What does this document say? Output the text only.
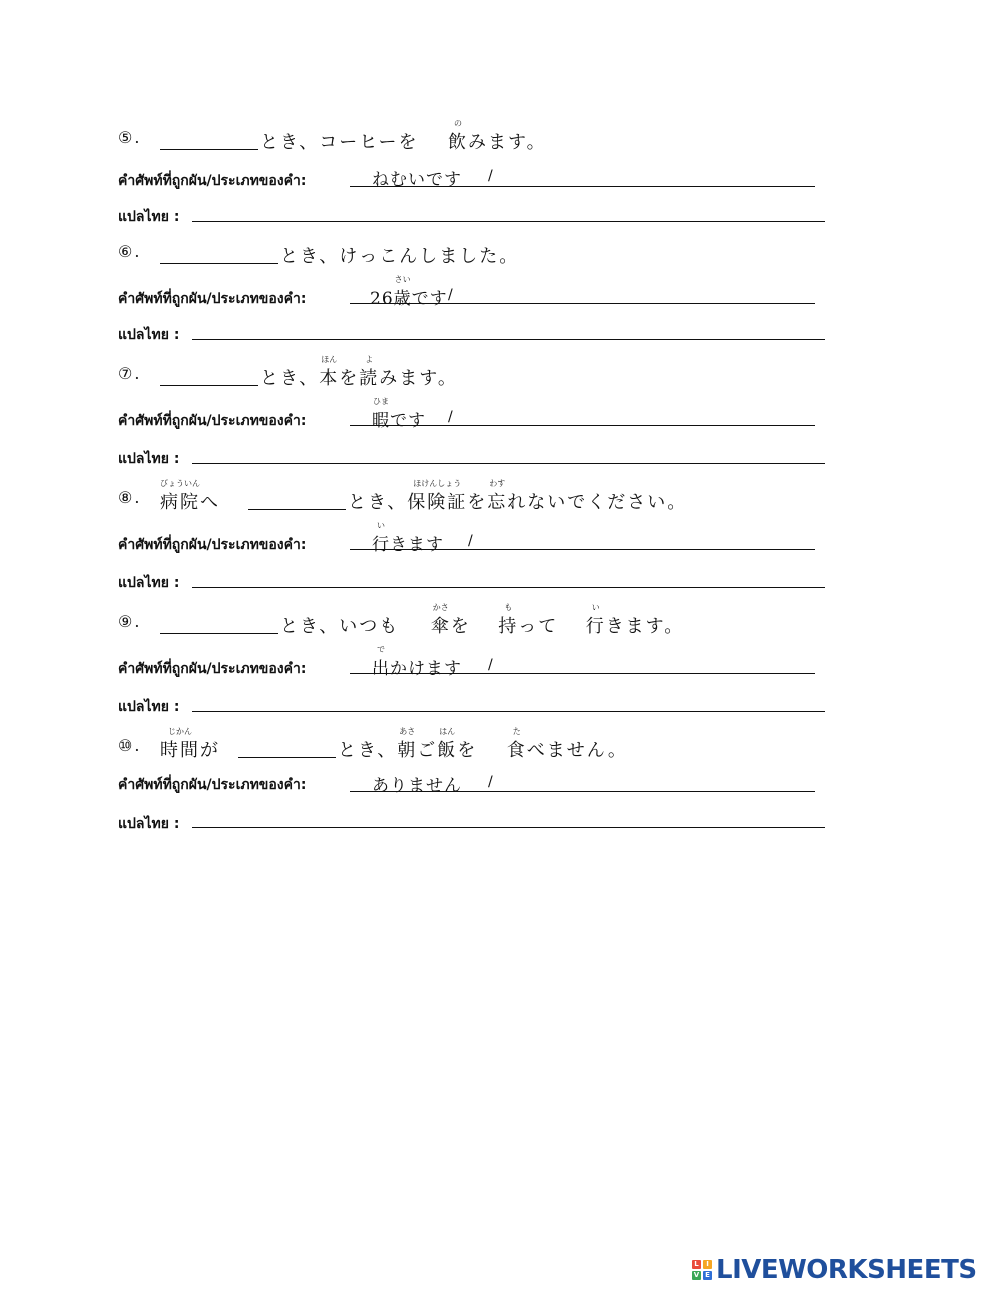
⑤.	とき、コーヒーを 飲
の
みます。
คำศัพท์ที่ถูกผัน/ประเภทของคำ:	ねむいです /
แปลไทย :
⑥.	とき、けっこんしました。
คำศัพท์ที่ถูกผัน/ประเภทของคำ:	26歳
さい
です /
แปลไทย :
⑦.	とき、本
ほん
を読
よ
みます。
คำศัพท์ที่ถูกผัน/ประเภทของคำ:	暇
ひま
です /
แปลไทย :
⑧. 病院
びょういん
へ	とき、保険証
ほけんしょう
を忘
わす
れないでください。
คำศัพท์ที่ถูกผัน/ประเภทของคำ:	行
い
きます /
แปลไทย :
⑨.	とき、いつも 傘
かさ
を 持
も
って 行
い
きます。
คำศัพท์ที่ถูกผัน/ประเภทของคำ:	出
で
かけます /
แปลไทย :
⑩. 時間
じかん
が	とき、朝
あさ
ご飯
はん
を 食
た
べません。
คำศัพท์ที่ถูกผัน/ประเภทของคำ:	ありません /
แปลไทย :
L	I
V E LIVEWORKSHEETS
